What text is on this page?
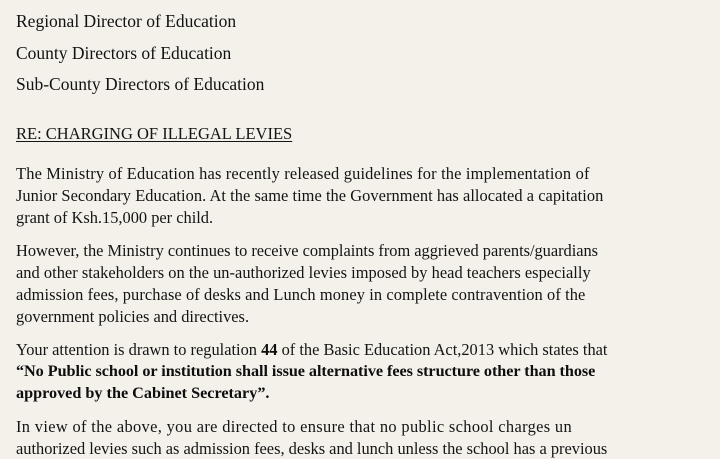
Regional Director of Education
County Directors of Education
Sub-County Directors of Education
RE: CHARGING OF ILLEGAL LEVIES
The Ministry of Education has recently released guidelines for the implementation of
Junior Secondary Education. At the same time the Government has allocated a capitation
grant of Ksh.15,000 per child.
However, the Ministry continues to receive complaints from aggrieved parents/guardians
and other stakeholders on the un-authorized levies imposed by head teachers especially
admission fees, purchase of desks and Lunch money in complete contravention of the
government policies and directives.
Your attention is drawn to regulation 44 of the Basic Education Act,2013 which states that
“No Public school or institution shall issue alternative fees structure other than those
approved by the Cabinet Secretary”.
In view of the above, you are directed to ensure that no public school charges un
authorized levies such as admission fees, desks and lunch unless the school has a previous
